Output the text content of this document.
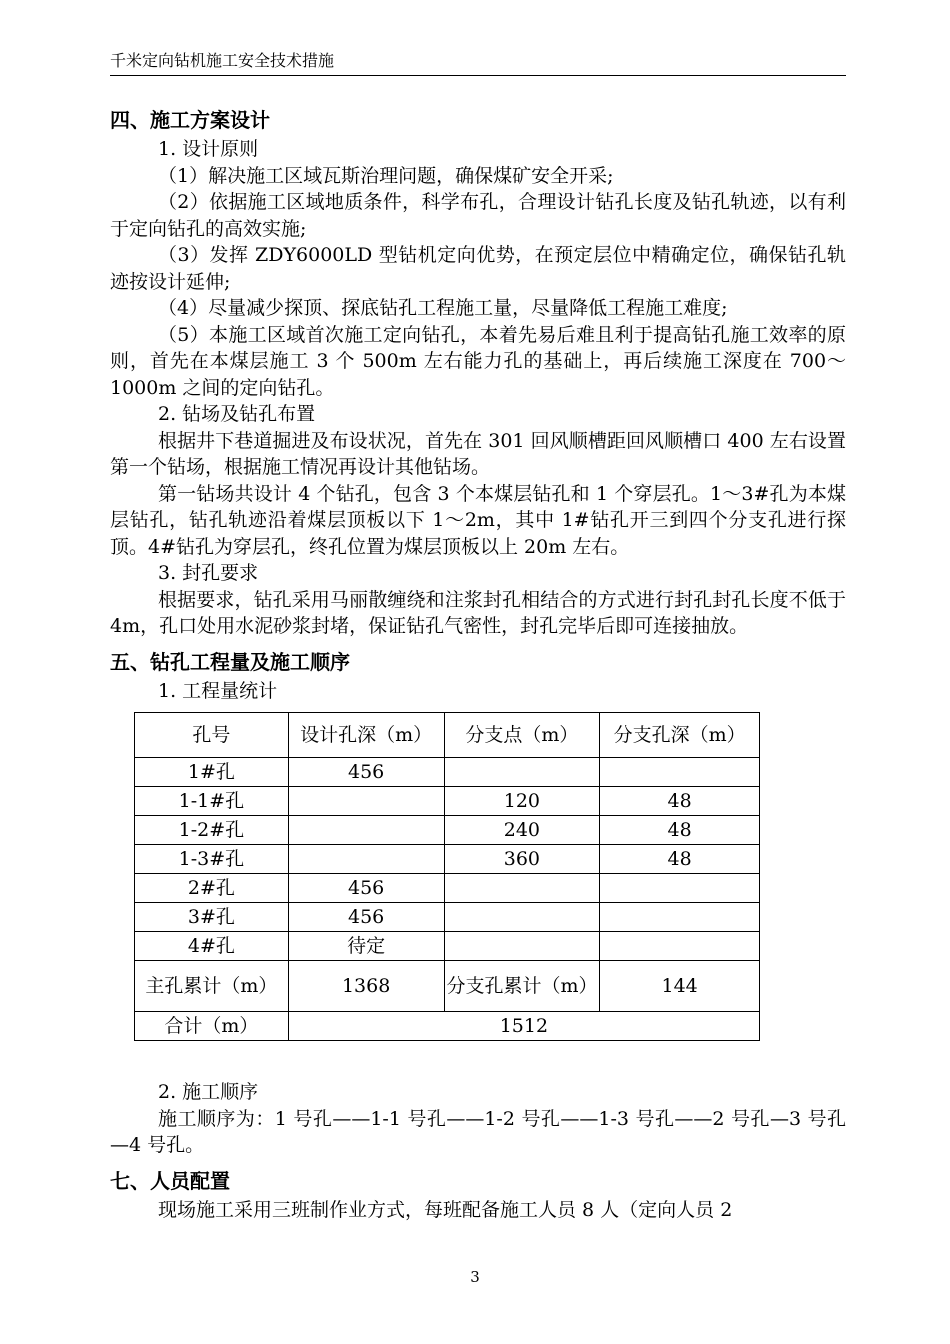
千米定向钻机施工安全技术措施
四、施工方案设计
1. 设计原则
（1）解决施工区域瓦斯治理问题，确保煤矿安全开采;
（2）依据施工区域地质条件，科学布孔，合理设计钻孔长度及钻孔轨迹，以有利于定向钻孔的高效实施;
（3）发挥 ZDY6000LD 型钻机定向优势，在预定层位中精确定位，确保钻孔轨迹按设计延伸;
（4）尽量减少探顶、探底钻孔工程施工量，尽量降低工程施工难度;
（5）本施工区域首次施工定向钻孔，本着先易后难且利于提高钻孔施工效率的原则，首先在本煤层施工 3 个 500m 左右能力孔的基础上，再后续施工深度在 700～1000m 之间的定向钻孔。
2. 钻场及钻孔布置
根据井下巷道掘进及布设状况，首先在 301 回风顺槽距回风顺槽口 400 左右设置第一个钻场，根据施工情况再设计其他钻场。
第一钻场共设计 4 个钻孔，包含 3 个本煤层钻孔和 1 个穿层孔。1～3#孔为本煤层钻孔，钻孔轨迹沿着煤层顶板以下 1～2m，其中 1#钻孔开三到四个分支孔进行探顶。4#钻孔为穿层孔，终孔位置为煤层顶板以上 20m 左右。
3. 封孔要求
根据要求，钻孔采用马丽散缠绕和注浆封孔相结合的方式进行封孔封孔长度不低于 4m，孔口处用水泥砂浆封堵，保证钻孔气密性，封孔完毕后即可连接抽放。
五、钻孔工程量及施工顺序
1. 工程量统计
孔号	设计孔深（m）	分支点（m）	分支孔深（m）
1#孔	456		
1-1#孔		120	48
1-2#孔		240	48
1-3#孔		360	48
2#孔	456		
3#孔	456		
4#孔	待定		
主孔累计（m）	1368	分支孔累计（m）	144
合计（m）	1512		
2. 施工顺序
施工顺序为：1 号孔——1-1 号孔——1-2 号孔——1-3 号孔——2 号孔—3 号孔—4 号孔。
七、人员配置
现场施工采用三班制作业方式，每班配备施工人员 8 人（定向人员 2
3
